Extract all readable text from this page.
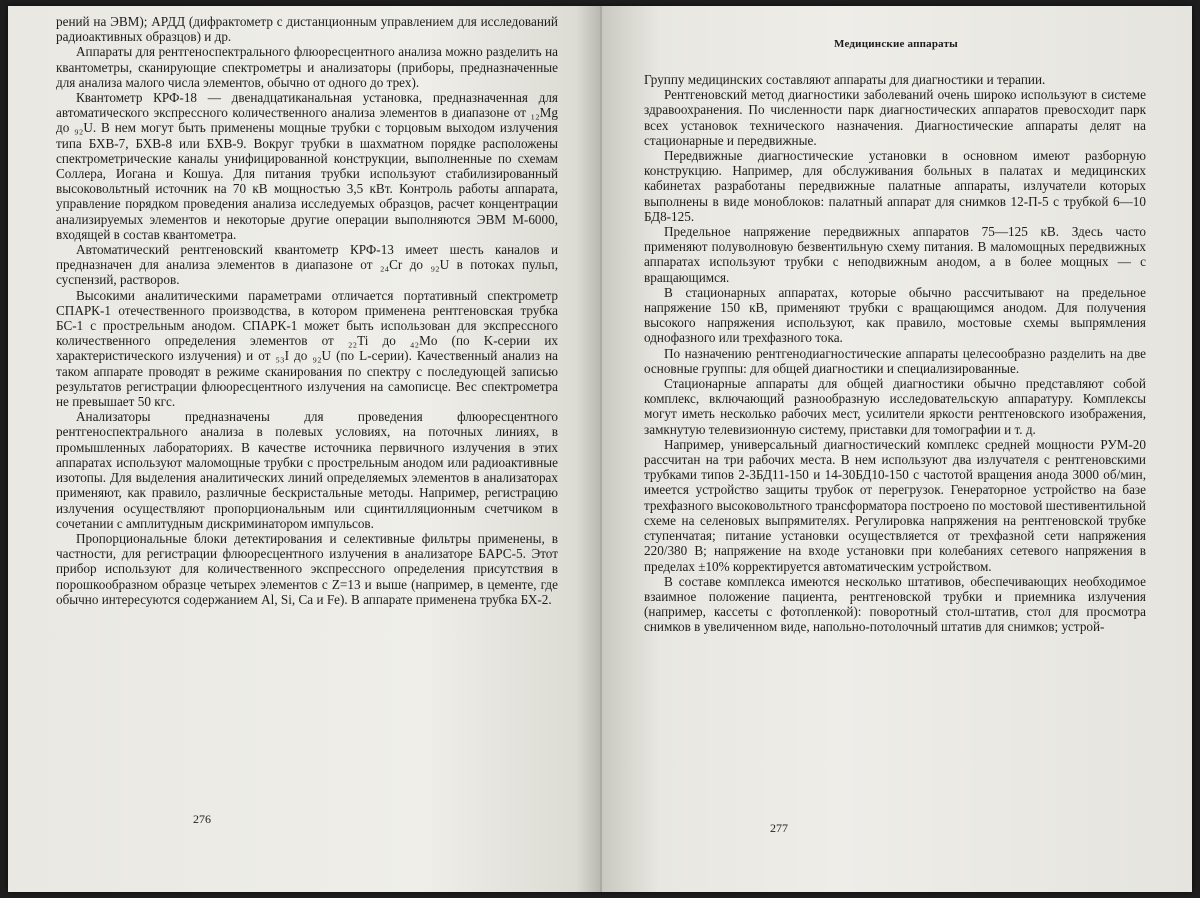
рений на ЭВМ); АРДД (дифрактометр с дистанционным управлением для исследований радиоактивных образцов) и др.

Аппараты для рентгеноспектрального флюоресцентного анализа можно разделить на квантометры, сканирующие спектрометры и анализаторы (приборы, предназначенные для анализа малого числа элементов, обычно от одного до трех).

Квантометр КРФ-18 — двенадцатиканальная установка, предназначенная для автоматического экспрессного количественного анализа элементов в диапазоне от ₁₂Mg до ₉₂U. В нем могут быть применены мощные трубки с торцовым выходом излучения типа БХВ-7, БХВ-8 или БХВ-9. Вокруг трубки в шахматном порядке расположены спектрометрические каналы унифицированной конструкции, выполненные по схемам Соллера, Иогана и Кошуа. Для питания трубки используют стабилизированный высоковольтный источник на 70 кВ мощностью 3,5 кВт. Контроль работы аппарата, управление порядком проведения анализа исследуемых образцов, расчет концентрации анализируемых элементов и некоторые другие операции выполняются ЭВМ М-6000, входящей в состав квантометра.

Автоматический рентгеновский квантометр КРФ-13 имеет шесть каналов и предназначен для анализа элементов в диапазоне от ₂₄Cr до ₉₂U в потоках пульп, суспензий, растворов.

Высокими аналитическими параметрами отличается портативный спектрометр СПАРК-1 отечественного производства, в котором применена рентгеновская трубка БС-1 с прострельным анодом. СПАРК-1 может быть использован для экспрессного количественного определения элементов от ₂₂Ti до ₄₂Mo (по K-серии их характеристического излучения) и от ₅₃I до ₉₂U (по L-серии). Качественный анализ на таком аппарате проводят в режиме сканирования по спектру с последующей записью результатов регистрации флюоресцентного излучения на самописце. Вес спектрометра не превышает 50 кгс.

Анализаторы предназначены для проведения флюоресцентного рентгеноспектрального анализа в полевых условиях, на поточных линиях, в промышленных лабораториях. В качестве источника первичного излучения в этих аппаратах используют маломощные трубки с прострельным анодом или радиоактивные изотопы. Для выделения аналитических линий определяемых элементов в анализаторах применяют, как правило, различные бескристальные методы. Например, регистрацию излучения осуществляют пропорциональным или сцинтилляционным счетчиком в сочетании с амплитудным дискриминатором импульсов.

Пропорциональные блоки детектирования и селективные фильтры применены, в частности, для регистрации флюоресцентного излучения в анализаторе БАРС-5. Этот прибор используют для количественного экспрессного определения присутствия в порошкообразном образце четырех элементов с Z=13 и выше (например, в цементе, где обычно интересуются содержанием Al, Si, Ca и Fe). В аппарате применена трубка БХ-2.

276
Медицинские аппараты

Группу медицинских составляют аппараты для диагностики и терапии.

Рентгеновский метод диагностики заболеваний очень широко используют в системе здравоохранения. По численности парк диагностических аппаратов превосходит парк всех установок технического назначения. Диагностические аппараты делят на стационарные и передвижные.

Передвижные диагностические установки в основном имеют разборную конструкцию. Например, для обслуживания больных в палатах и медицинских кабинетах разработаны передвижные палатные аппараты, излучатели которых выполнены в виде моноблоков: палатный аппарат для снимков 12-П-5 с трубкой 6—10 БД8-125.

Предельное напряжение передвижных аппаратов 75—125 кВ. Здесь часто применяют полуволновую безвентильную схему питания. В маломощных передвижных аппаратах используют трубки с неподвижным анодом, а в более мощных — с вращающимся.

В стационарных аппаратах, которые обычно рассчитывают на предельное напряжение 150 кВ, применяют трубки с вращающимся анодом. Для получения высокого напряжения используют, как правило, мостовые схемы выпрямления однофазного или трехфазного тока.

По назначению рентгенодиагностические аппараты целесообразно разделить на две основные группы: для общей диагностики и специализированные.

Стационарные аппараты для общей диагностики обычно представляют собой комплекс, включающий разнообразную исследовательскую аппаратуру. Комплексы могут иметь несколько рабочих мест, усилители яркости рентгеновского изображения, замкнутую телевизионную систему, приставки для томографии и т. д.

Например, универсальный диагностический комплекс средней мощности РУМ-20 рассчитан на три рабочих места. В нем используют два излучателя с рентгеновскими трубками типов 2-3БД11-150 и 14-30БД10-150 с частотой вращения анода 3000 об/мин, имеется устройство защиты трубок от перегрузок. Генераторное устройство на базе трехфазного высоковольтного трансформатора построено по мостовой шестивентильной схеме на селеновых выпрямителях. Регулировка напряжения на рентгеновской трубке ступенчатая; питание установки осуществляется от трехфазной сети напряжения 220/380 В; напряжение на входе установки при колебаниях сетевого напряжения в пределах ±10% корректируется автоматическим устройством.

В составе комплекса имеются несколько штативов, обеспечивающих необходимое взаимное положение пациента, рентгеновской трубки и приемника излучения (например, кассеты с фотопленкой): поворотный стол-штатив, стол для просмотра снимков в увеличенном виде, напольно-потолочный штатив для снимков; устрой-

277
